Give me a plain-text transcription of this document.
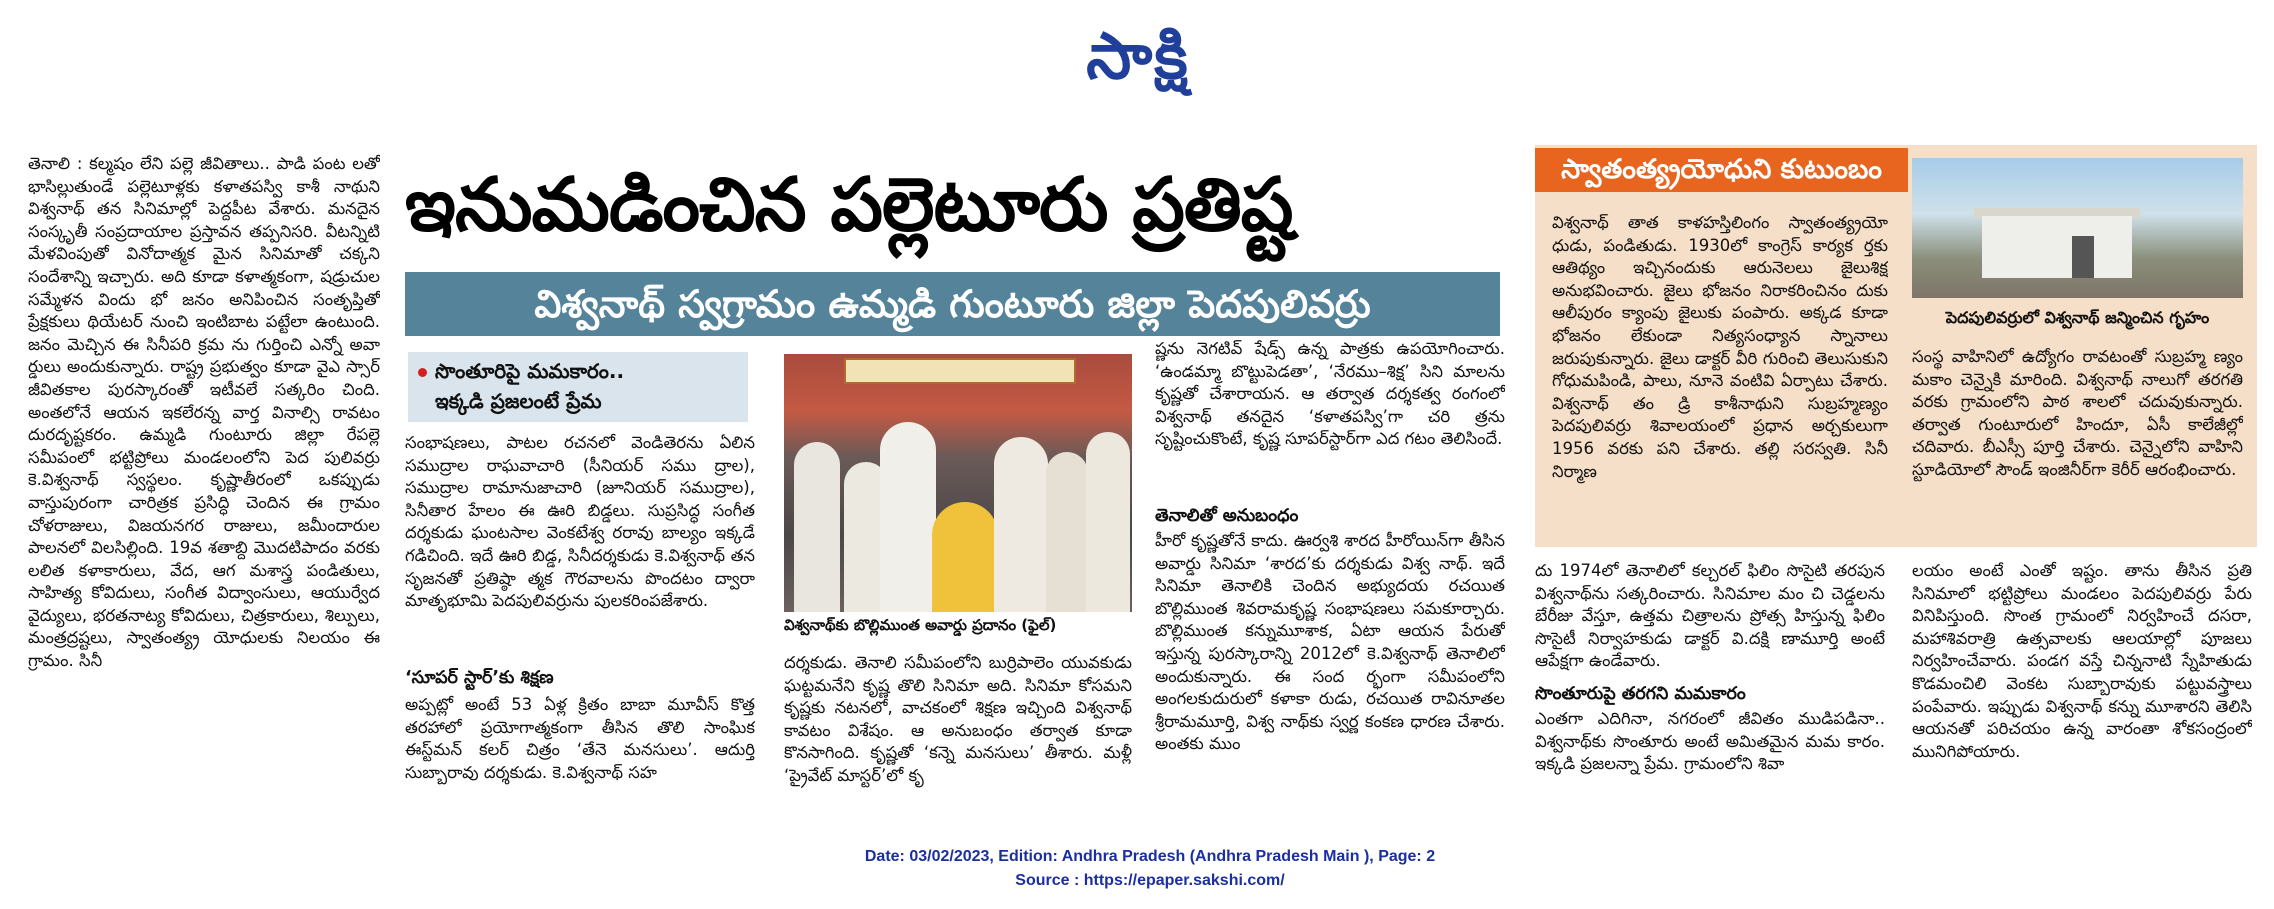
సాక్షి
తెనాలి : కల్మషం లేని పల్లె జీవితాలు.. పాడి పంట లతో భాసిల్లుతుండే పల్లెటూళ్లకు కళాతపస్వి కాశీ నాథుని విశ్వనాథ్ తన సినిమాల్లో పెద్దపీట వేశారు. మనదైన సంస్కృతీ సంప్రదాయాల ప్రస్తావన తప్పనిసరి. వీటన్నిటి మేళవింపుతో వినోదాత్మక మైన సినిమాతో చక్కని సందేశాన్ని ఇచ్చారు. అది కూడా కళాత్మకంగా, షడ్రుచుల సమ్మేళన విందు భో జనం అనిపించిన సంతృప్తితో ప్రేక్షకులు థియేటర్ నుంచి ఇంటిబాట పట్టేలా ఉంటుంది. జనం మెచ్చిన ఈ సినీపరి క్రమ ను గుర్తించి ఎన్నో అవా ర్డులు అందుకున్నారు. రాష్ట్ర ప్రభుత్వం కూడా వైఎ స్సార్ జీవితకాల పురస్కారంతో ఇటీవలే సత్కరిం చింది. అంతలోనే ఆయన ఇకలేరన్న వార్త వినాల్సి రావటం దురదృష్టకరం. ఉమ్మడి గుంటూరు జిల్లా రేపల్లె సమీపంలో భట్టిప్రోలు మండలంలోని పెద పులివర్రు కె.విశ్వనాథ్ స్వస్థలం. కృష్ణాతీరంలో ఒకప్పుడు వాస్తుపురంగా చారిత్రక ప్రసిద్ధి చెందిన ఈ గ్రామం చోళరాజులు, విజయనగర రాజులు, జమీందారుల పాలనలో విలసిల్లింది. 19వ శతాబ్ది మొదటిపాదం వరకు లలిత కళాకారులు, వేద, ఆగ మశాస్త్ర పండితులు, సాహిత్య కోవిదులు, సంగీత విద్వాంసులు, ఆయుర్వేద వైద్యులు, భరతనాట్య కోవిదులు, చిత్రకారులు, శిల్పులు, మంత్రద్రష్టలు, స్వాతంత్య్ర యోధులకు నిలయం ఈ గ్రామం. సినీ
ఇనుమడించిన పల్లెటూరు ప్రతిష్ట
విశ్వనాథ్ స్వగ్రామం ఉమ్మడి గుంటూరు జిల్లా పెదపులివర్రు
సొంతూరిపై మమకారం..
ఇక్కడి ప్రజలంటే ప్రేమ
సంభాషణలు, పాటల రచనలో వెండితెరను ఏలిన సముద్రాల రాఘవాచారి (సీనియర్ సము ద్రాల), సముద్రాల రామానుజాచారి (జూనియర్ సముద్రాల), సినీతార హేలం ఈ ఊరి బిడ్డలు. సుప్రసిద్ధ సంగీత దర్శకుడు ఘంటసాల వెంకటేశ్వ రరావు బాల్యం ఇక్కడే గడిచింది. ఇదే ఊరి బిడ్డ, సినీదర్శకుడు కె.విశ్వనాథ్ తన సృజనతో ప్రతిష్ఠా త్మక గౌరవాలను పొందటం ద్వారా మాతృభూమి పెదపులివర్రును పులకరింపజేశారు.
‘సూపర్ స్టార్’కు శిక్షణ
అప్పట్లో అంటే 53 ఏళ్ల క్రితం బాబా మూవీస్ కొత్త తరహాలో ప్రయోగాత్మకంగా తీసిన తొలి సాంఘిక ఈస్ట్‌మన్ కలర్ చిత్రం ‘తేనె మనసులు’. ఆదుర్తి సుబ్బారావు దర్శకుడు. కె.విశ్వనాథ్ సహ
విశ్వనాథ్‌కు బొల్లిముంత అవార్డు ప్రదానం (ఫైల్)
దర్శకుడు. తెనాలి సమీపంలోని బుర్రిపాలెం యువకుడు ఘట్టమనేని కృష్ణ తొలి సినిమా అది. సినిమా కోసమని కృష్ణకు నటనలో, వాచకంలో శిక్షణ ఇచ్చింది విశ్వనాథ్ కావటం విశేషం. ఆ అనుబంధం తర్వాత కూడా కొనసాగింది. కృష్ణతో ‘కన్నె మనసులు’ తీశారు. మళ్లీ ‘ప్రైవేట్ మాస్టర్’లో కృ
ష్ణను నెగటివ్ షేడ్స్ ఉన్న పాత్రకు ఉపయోగించారు. ‘ఉండమ్మా బొట్టుపెడతా’, ‘నేరము–శిక్ష’ సిని మాలను కృష్ణతో చేశారాయన. ఆ తర్వాత దర్శకత్వ రంగంలో విశ్వనాథ్ తనదైన ‘కళాతపస్వి’గా చరి త్రను సృష్టించుకొంటే, కృష్ణ సూపర్‌స్టార్‌గా ఎద గటం తెలిసిందే.
తెనాలితో అనుబంధం
హీరో కృష్ణతోనే కాదు. ఊర్వశి శారద హీరోయిన్‌గా తీసిన అవార్డు సినిమా ‘శారద’కు దర్శకుడు విశ్వ నాథ్. ఇదే సినిమా తెనాలికి చెందిన అభ్యుదయ రచయిత బొల్లిముంత శివరామకృష్ణ సంభాషణలు సమకూర్చారు. బొల్లిముంత కన్నుమూశాక, ఏటా ఆయన పేరుతో ఇస్తున్న పురస్కారాన్ని 2012లో కె.విశ్వనాథ్ తెనాలిలో అందుకున్నారు. ఈ సంద ర్భంగా సమీపంలోని అంగలకుదురులో కళాకా రుడు, రచయిత రావినూతల శ్రీరామమూర్తి, విశ్వ నాథ్‌కు స్వర్ణ కంకణ ధారణ చేశారు. అంతకు ముం
స్వాతంత్య్రయోధుని కుటుంబం
పెదపులివర్రులో విశ్వనాథ్ జన్మించిన గృహం
విశ్వనాథ్ తాత కాళహస్తిలింగం స్వాతంత్య్రయో ధుడు, పండితుడు. 1930లో కాంగ్రెస్ కార్యక ర్తకు ఆతిథ్యం ఇచ్చినందుకు ఆరునెలలు జైలుశిక్ష అనుభవించారు. జైలు భోజనం నిరాకరించినం దుకు ఆలీపురం క్యాంపు జైలుకు పంపారు. అక్కడ కూడా భోజనం లేకుండా నిత్యసంధ్యాన స్నానాలు జరుపుకున్నారు. జైలు డాక్టర్ వీరి గురించి తెలుసుకుని గోధుమపిండి, పాలు, నూనె వంటివి ఏర్పాటు చేశారు. విశ్వనాథ్ తం డ్రి కాశీనాథుని సుబ్రహ్మణ్యం పెదపులివర్రు శివాలయంలో ప్రధాన అర్చకులుగా 1956 వరకు పని చేశారు. తల్లి సరస్వతి. సినీ నిర్మాణ
సంస్థ వాహినిలో ఉద్యోగం రావటంతో సుబ్రహ్మ ణ్యం మకాం చెన్నైకి మారింది. విశ్వనాథ్ నాలుగో తరగతి వరకు గ్రామంలోని పాఠ శాలలో చదువుకున్నారు. తర్వాత గుంటూరులో హిందూ, ఏసీ కాలేజీల్లో చదివారు. బీఎస్సీ పూర్తి చేశారు. చెన్నైలోని వాహిని స్టూడియోలో సౌండ్ ఇంజినీర్‌గా కెరీర్ ఆరంభించారు.
దు 1974లో తెనాలిలో కల్చరల్ ఫిలిం సొసైటి తరపున విశ్వనాథ్‌ను సత్కరించారు. సినిమాల మం చి చెడ్డలను బేరీజు వేస్తూ, ఉత్తమ చిత్రాలను ప్రోత్స హిస్తున్న ఫిలిం సొసైటీ నిర్వాహకుడు డాక్టర్ వి.దక్షి ణామూర్తి అంటే ఆపేక్షగా ఉండేవారు.
సొంతూరుపై తరగని మమకారం
ఎంతగా ఎదిగినా, నగరంలో జీవితం ముడిపడినా.. విశ్వనాథ్‌కు సొంతూరు అంటే అమితమైన మమ కారం. ఇక్కడి ప్రజలన్నా ప్రేమ. గ్రామంలోని శివా
లయం అంటే ఎంతో ఇష్టం. తాను తీసిన ప్రతి సినిమాలో భట్టిప్రోలు మండలం పెదపులివర్రు పేరు వినిపిస్తుంది. సొంత గ్రామంలో నిర్వహించే దసరా, మహాశివరాత్రి ఉత్సవాలకు ఆలయాల్లో పూజలు నిర్వహించేవారు. పండగ వస్తే చిన్ననాటి స్నేహితుడు కొడమంచిలి వెంకట సుబ్బారావుకు పట్టువస్త్రాలు పంపేవారు. ఇప్పుడు విశ్వనాథ్ కన్ను మూశారని తెలిసి ఆయనతో పరిచయం ఉన్న వారంతా శోకసంద్రంలో మునిగిపోయారు.
Date: 03/02/2023, Edition: Andhra Pradesh (Andhra Pradesh Main ), Page: 2
Source : https://epaper.sakshi.com/
